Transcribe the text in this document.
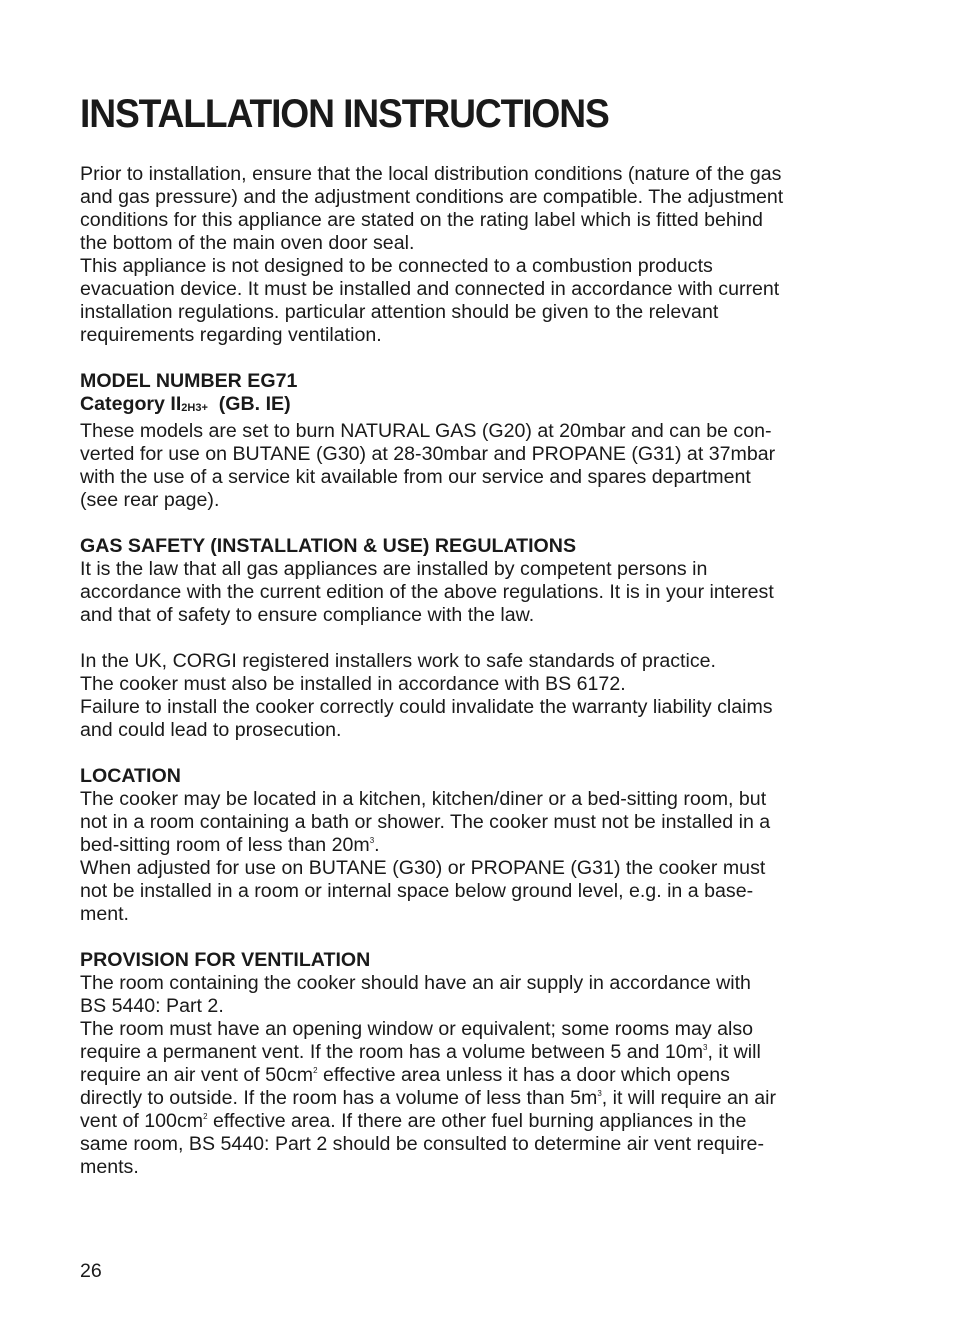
INSTALLATION INSTRUCTIONS

Prior to installation, ensure that the local distribution conditions (nature of the gas
and gas pressure) and the adjustment conditions are compatible. The adjustment
conditions for this appliance are stated on the rating label which is fitted behind
the bottom of the main oven door seal.
This appliance is not designed to be connected to a combustion products
evacuation device. It must be installed and connected in accordance with current
installation regulations. particular attention should be given to the relevant
requirements regarding ventilation.

MODEL NUMBER EG71
Category II2H3+ (GB. IE)
These models are set to burn NATURAL GAS (G20) at 20mbar and can be con-
verted for use on BUTANE (G30) at 28-30mbar and PROPANE (G31) at 37mbar
with the use of a service kit available from our service and spares department
(see rear page).

GAS SAFETY (INSTALLATION & USE) REGULATIONS
It is the law that all gas appliances are installed by competent persons in
accordance with the current edition of the above regulations. It is in your interest
and that of safety to ensure compliance with the law.

In the UK, CORGI registered installers work to safe standards of practice.
The cooker must also be installed in accordance with BS 6172.
Failure to install the cooker correctly could invalidate the warranty liability claims
and could lead to prosecution.

LOCATION
The cooker may be located in a kitchen, kitchen/diner or a bed-sitting room, but
not in a room containing a bath or shower. The cooker must not be installed in a
bed-sitting room of less than $20m^3$.
When adjusted for use on BUTANE (G30) or PROPANE (G31) the cooker must
not be installed in a room or internal space below ground level, e.g. in a base-
ment.

PROVISION FOR VENTILATION
The room containing the cooker should have an air supply in accordance with
BS 5440: Part 2.
The room must have an opening window or equivalent; some rooms may also
require a permanent vent. If the room has a volume between 5 and $10m^3$, it will
require an air vent of $50cm^2$ effective area unless it has a door which opens
directly to outside. If the room has a volume of less than $5m^3$, it will require an air
vent of $100cm^2$ effective area. If there are other fuel burning appliances in the
same room, BS 5440: Part 2 should be consulted to determine air vent require-
ments.

26
